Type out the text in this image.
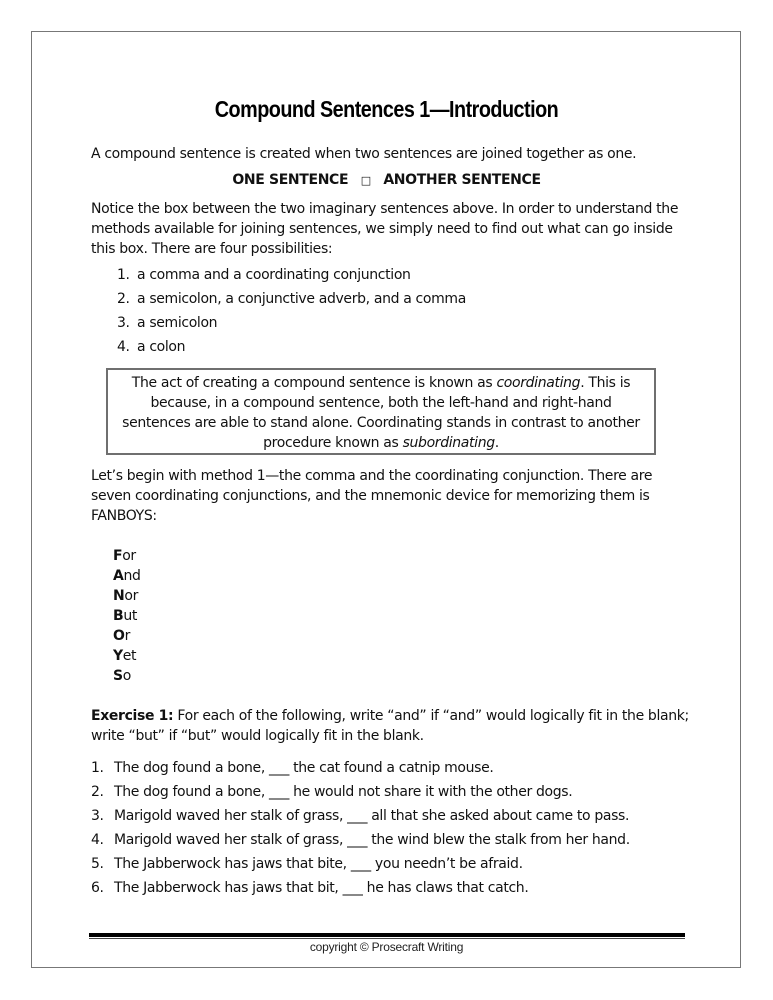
Compound Sentences 1—Introduction
A compound sentence is created when two sentences are joined together as one.
ONE SENTENCE □ ANOTHER SENTENCE
Notice the box between the two imaginary sentences above. In order to understand the methods available for joining sentences, we simply need to find out what can go inside this box. There are four possibilities:
1. a comma and a coordinating conjunction
2. a semicolon, a conjunctive adverb, and a comma
3. a semicolon
4. a colon
The act of creating a compound sentence is known as coordinating. This is because, in a compound sentence, both the left-hand and right-hand sentences are able to stand alone. Coordinating stands in contrast to another procedure known as subordinating.
Let’s begin with method 1—the comma and the coordinating conjunction. There are seven coordinating conjunctions, and the mnemonic device for memorizing them is FANBOYS:
For
And
Nor
But
Or
Yet
So
Exercise 1: For each of the following, write “and” if “and” would logically fit in the blank; write “but” if “but” would logically fit in the blank.
1. The dog found a bone, ___ the cat found a catnip mouse.
2. The dog found a bone, ___ he would not share it with the other dogs.
3. Marigold waved her stalk of grass, ___ all that she asked about came to pass.
4. Marigold waved her stalk of grass, ___ the wind blew the stalk from her hand.
5. The Jabberwock has jaws that bite, ___ you needn’t be afraid.
6. The Jabberwock has jaws that bit, ___ he has claws that catch.
copyright © Prosecraft Writing
